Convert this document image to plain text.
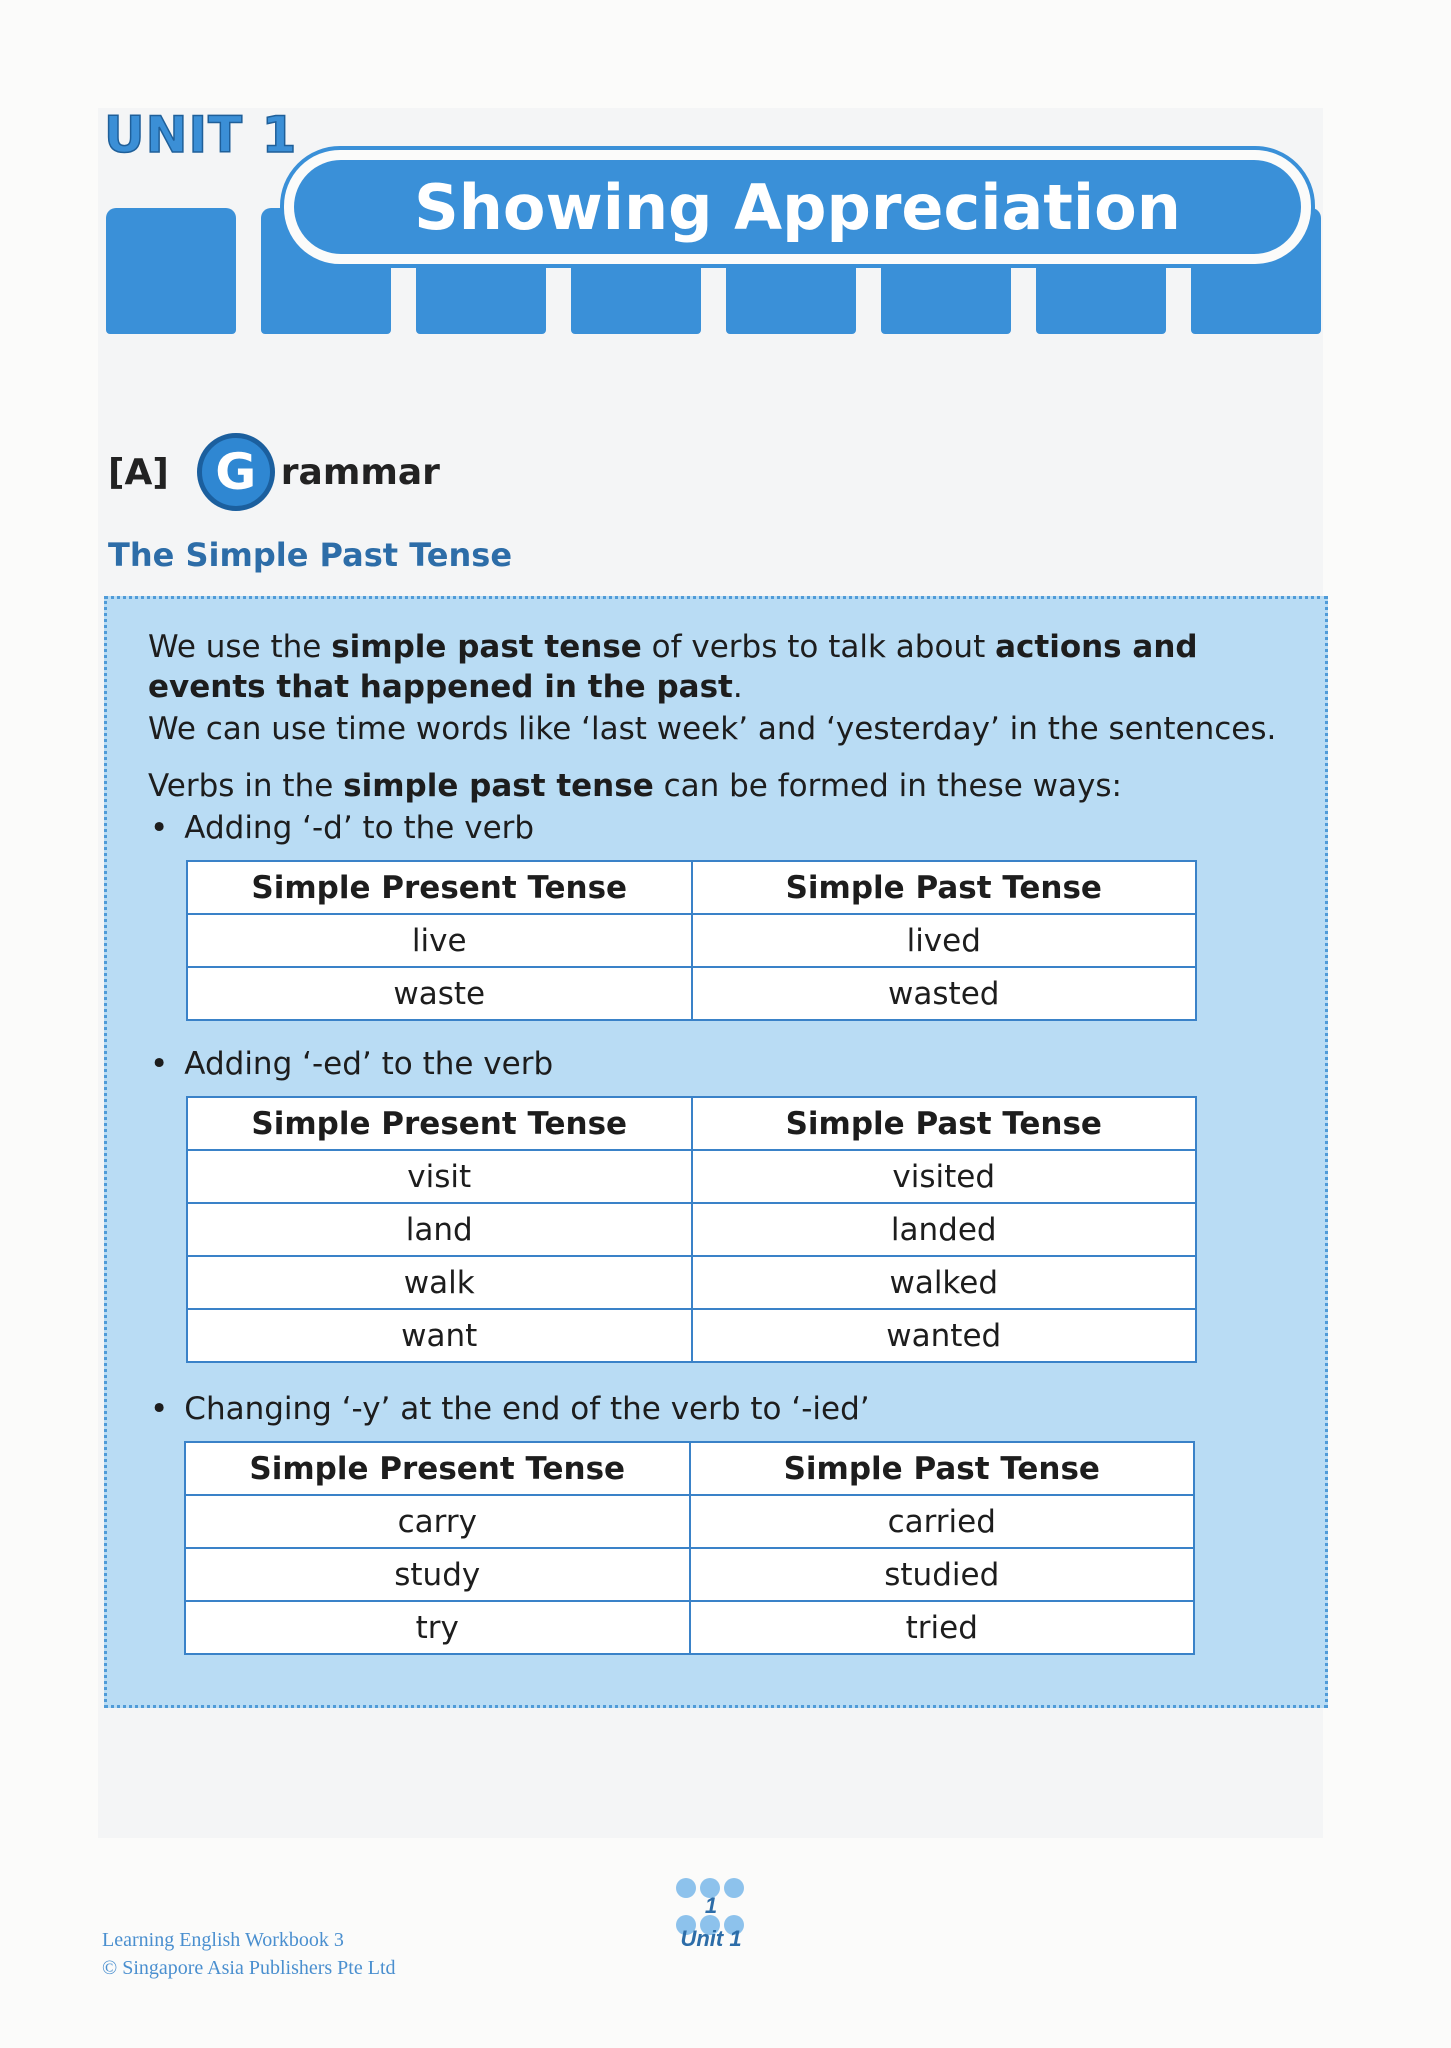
UNIT 1
Showing Appreciation
[A] G rammar
The Simple Past Tense
We use the simple past tense of verbs to talk about actions and events that happened in the past.
We can use time words like ‘last week’ and ‘yesterday’ in the sentences.
Verbs in the simple past tense can be formed in these ways:
• Adding ‘-d’ to the verb
Simple Present Tense	Simple Past Tense
live	lived
waste	wasted
• Adding ‘-ed’ to the verb
Simple Present Tense	Simple Past Tense
visit	visited
land	landed
walk	walked
want	wanted
• Changing ‘-y’ at the end of the verb to ‘-ied’
Simple Present Tense	Simple Past Tense
carry	carried
study	studied
try	tried
Learning English Workbook 3
© Singapore Asia Publishers Pte Ltd
1
Unit 1
